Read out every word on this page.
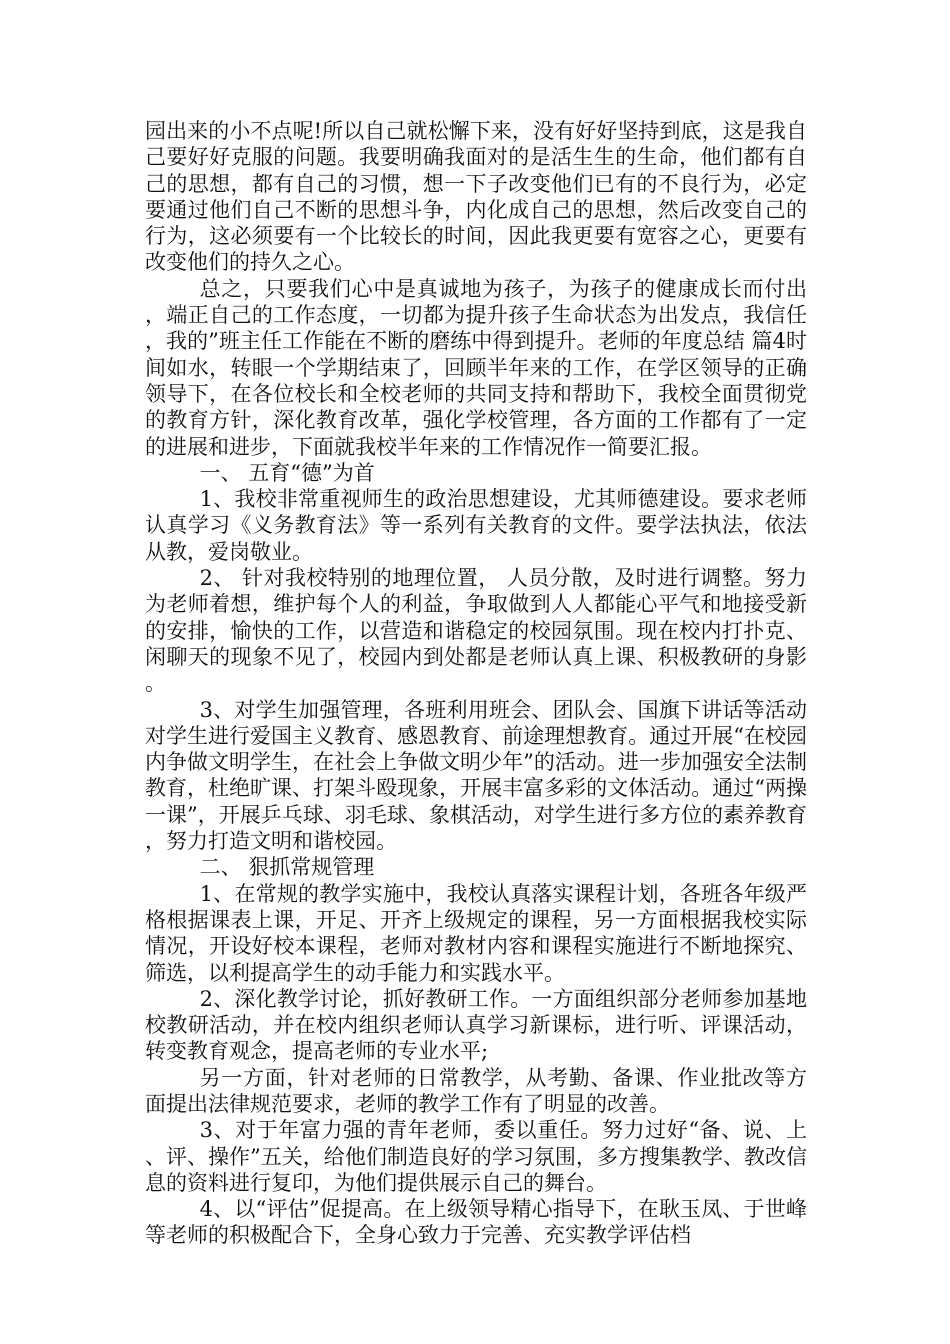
园出来的小不点呢!所以自己就松懈下来，没有好好坚持到底，这是我自己要好好克服的问题。我要明确我面对的是活生生的生命，他们都有自己的思想，都有自己的习惯，想一下子改变他们已有的不良行为，必定要通过他们自己不断的思想斗争，内化成自己的思想，然后改变自己的行为，这必须要有一个比较长的时间，因此我更要有宽容之心，更要有改变他们的持久之心。

总之，只要我们心中是真诚地为孩子，为孩子的健康成长而付出，端正自己的工作态度，一切都为提升孩子生命状态为出发点，我信任，我的”班主任工作能在不断的磨练中得到提升。老师的年度总结 篇4时间如水，转眼一个学期结束了，回顾半年来的工作，在学区领导的正确领导下，在各位校长和全校老师的共同支持和帮助下，我校全面贯彻党的教育方针，深化教育改革，强化学校管理，各方面的工作都有了一定的进展和进步，下面就我校半年来的工作情况作一简要汇报。

一、 五育“德”为首

1、我校非常重视师生的政治思想建设，尤其师德建设。要求老师认真学习《义务教育法》等一系列有关教育的文件。要学法执法，依法从教，爱岗敬业。

2、 针对我校特别的地理位置， 人员分散，及时进行调整。努力为老师着想，维护每个人的利益，争取做到人人都能心平气和地接受新的安排，愉快的工作，以营造和谐稳定的校园氛围。现在校内打扑克、闲聊天的现象不见了，校园内到处都是老师认真上课、积极教研的身影。

3、对学生加强管理，各班利用班会、团队会、国旗下讲话等活动对学生进行爱国主义教育、感恩教育、前途理想教育。通过开展“在校园内争做文明学生，在社会上争做文明少年”的活动。进一步加强安全法制教育，杜绝旷课、打架斗殴现象，开展丰富多彩的文体活动。通过“两操一课”，开展乒乓球、羽毛球、象棋活动，对学生进行多方位的素养教育，努力打造文明和谐校园。

二、 狠抓常规管理

1、在常规的教学实施中，我校认真落实课程计划，各班各年级严格根据课表上课，开足、开齐上级规定的课程，另一方面根据我校实际情况，开设好校本课程，老师对教材内容和课程实施进行不断地探究、筛选，以利提高学生的动手能力和实践水平。

2、深化教学讨论，抓好教研工作。一方面组织部分老师参加基地校教研活动，并在校内组织老师认真学习新课标，进行听、评课活动，转变教育观念，提高老师的专业水平;

另一方面，针对老师的日常教学，从考勤、备课、作业批改等方面提出法律规范要求，老师的教学工作有了明显的改善。

3、对于年富力强的青年老师，委以重任。努力过好“备、说、上、评、操作”五关，给他们制造良好的学习氛围，多方搜集教学、教改信息的资料进行复印，为他们提供展示自己的舞台。

4、以“评估”促提高。在上级领导精心指导下，在耿玉凤、于世峰等老师的积极配合下，全身心致力于完善、充实教学评估档
